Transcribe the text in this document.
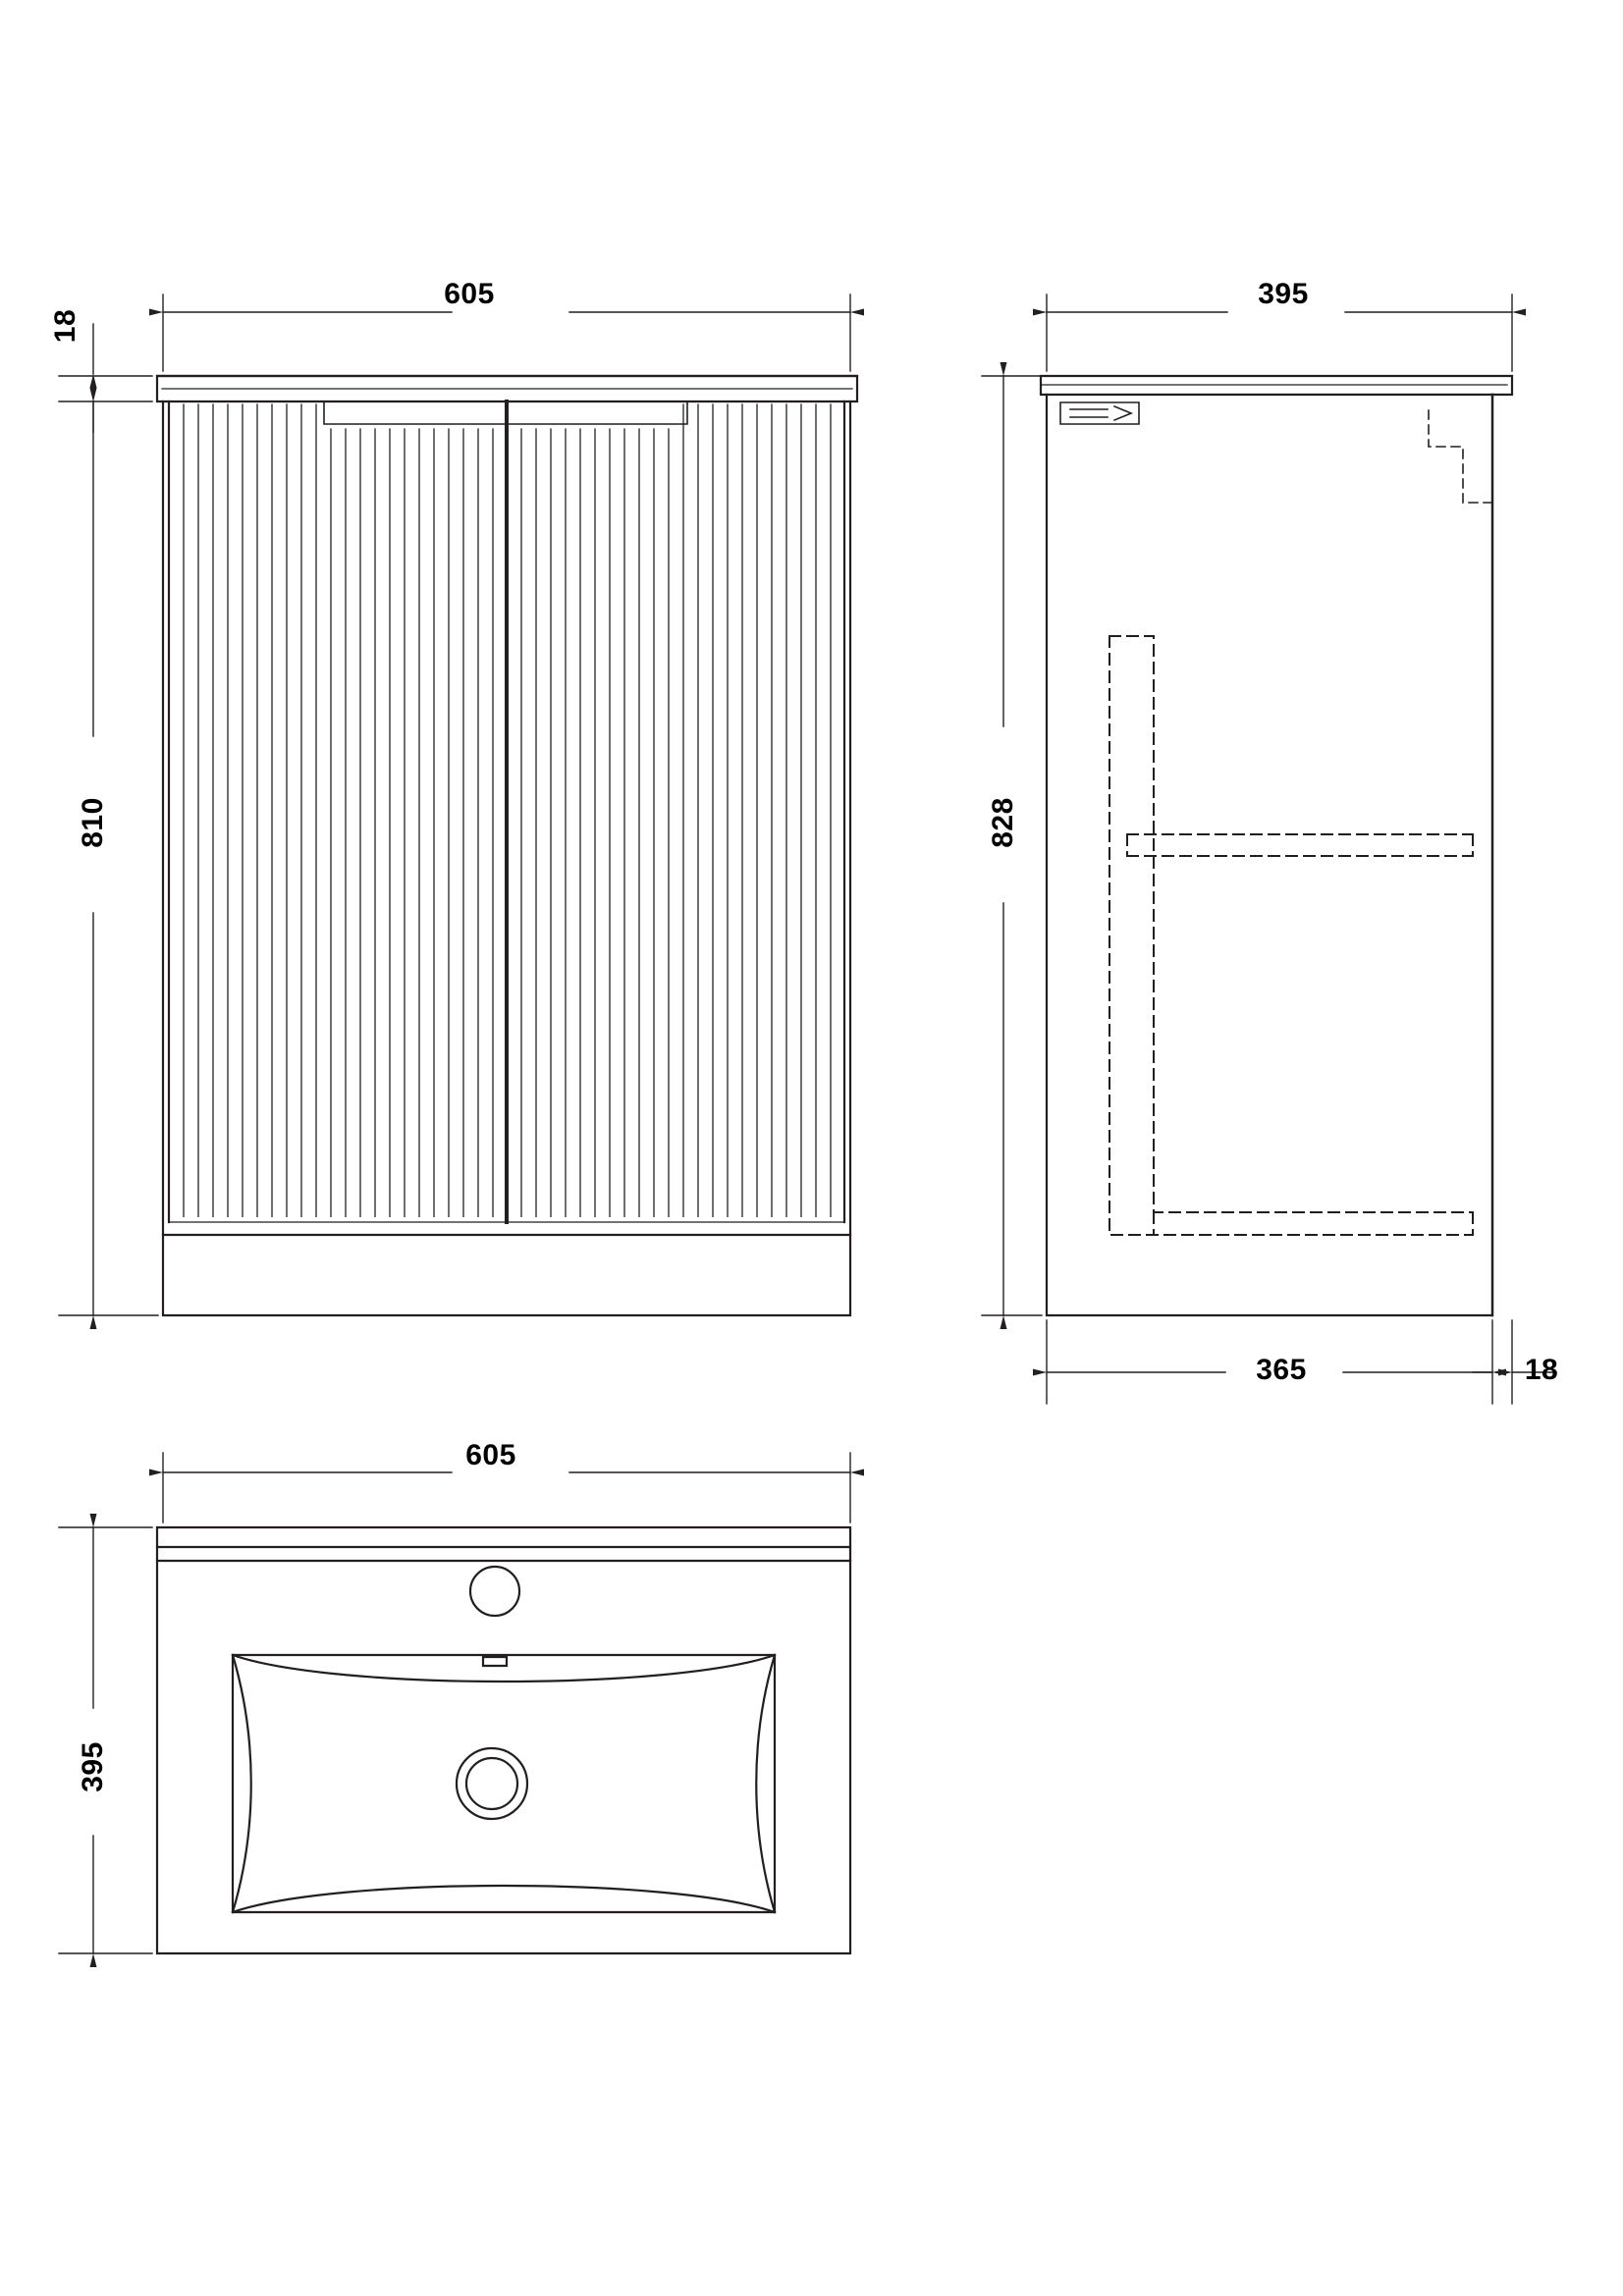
605
810
18
395
828
365	18
605
395
